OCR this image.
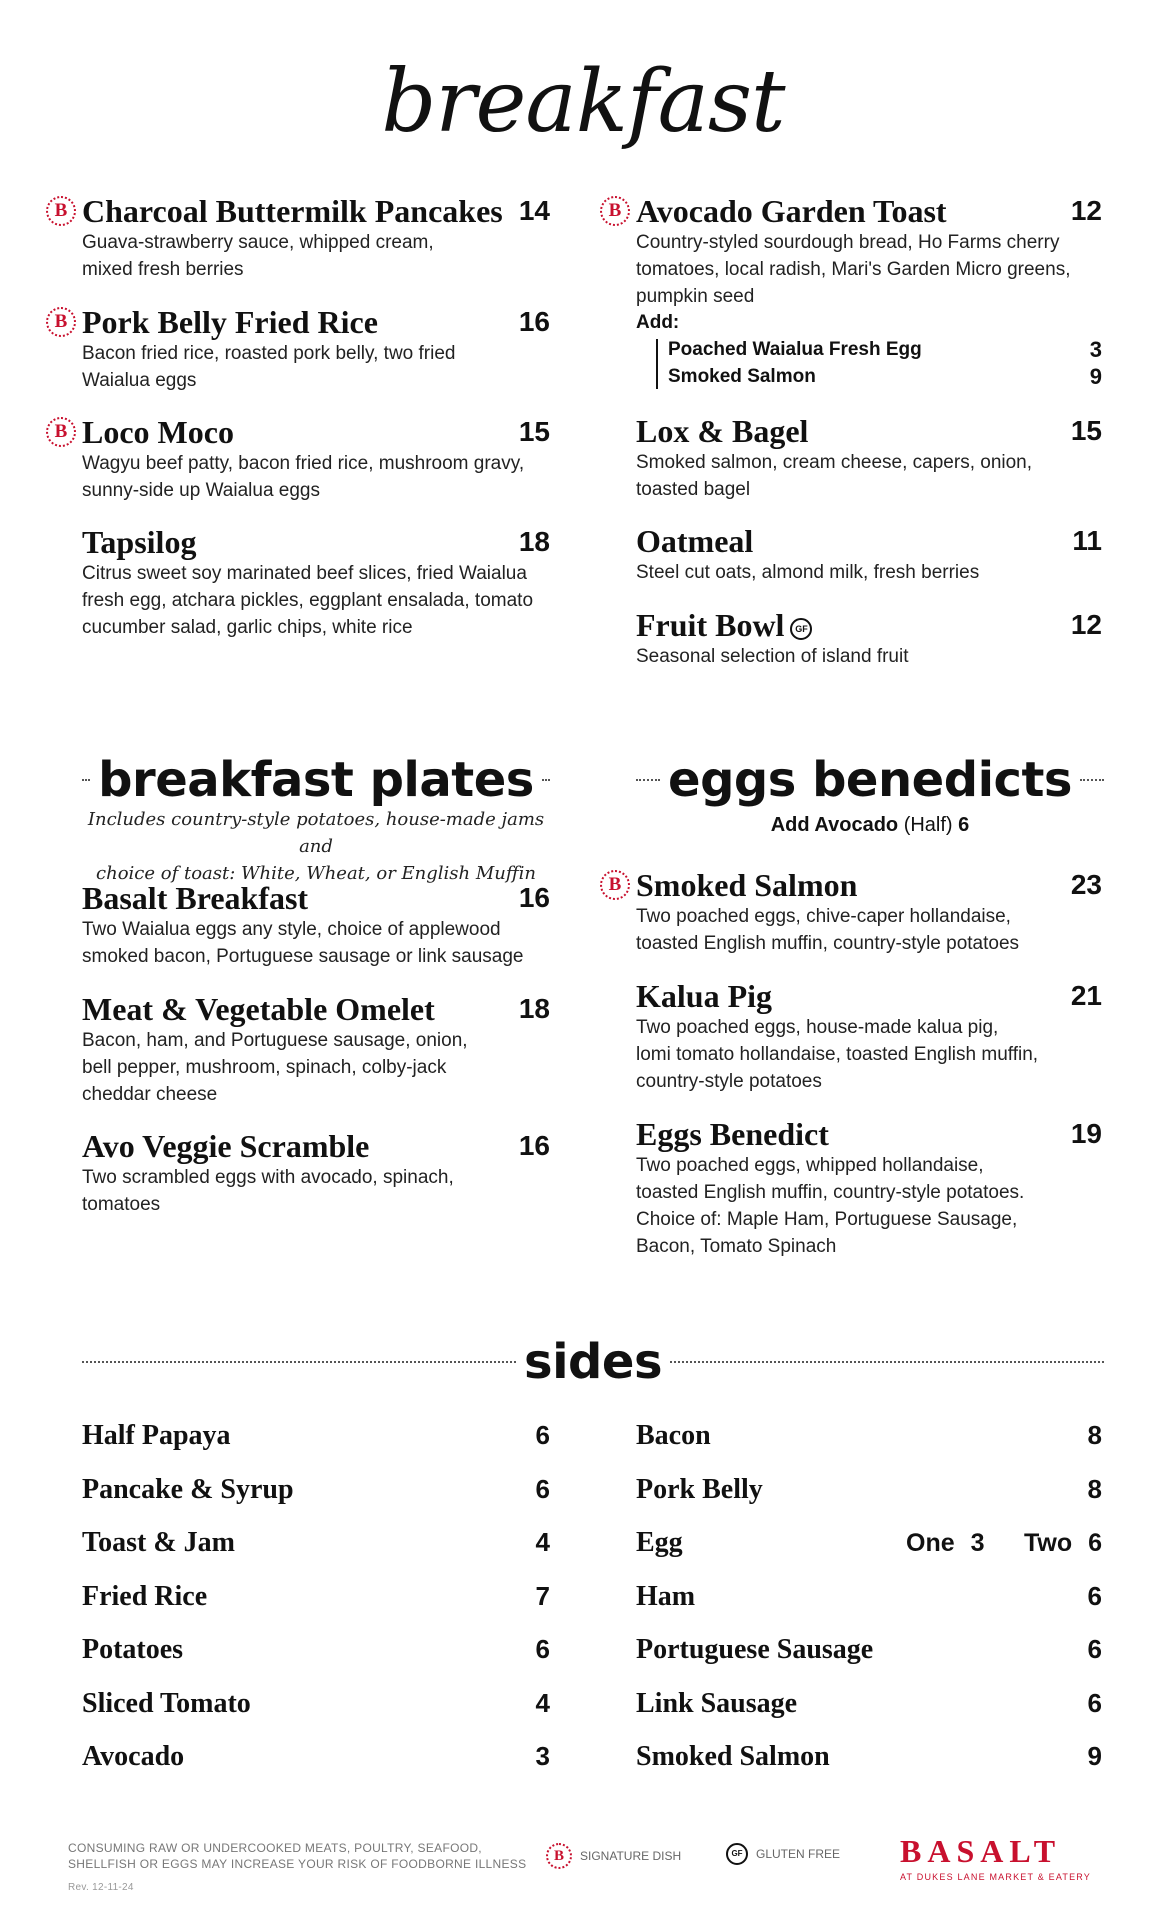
breakfast
breakfast plates
Includes country-style potatoes, house-made jams and
choice of toast: White, Wheat, or English Muffin
eggs benedicts
Add Avocado (Half) 6
sides
CONSUMING RAW OR UNDERCOOKED MEATS, POULTRY, SEAFOOD,
SHELLFISH OR EGGS MAY INCREASE YOUR RISK OF FOODBORNE ILLNESS
Rev. 12-11-24
B	SIGNATURE DISH	GF	GLUTEN FREE BASALT
AT DUKES LANE MARKET & EATERY
B Charcoal Buttermilk Pancakes 14
Guava-strawberry sauce, whipped cream,
mixed fresh berries
B Pork Belly Fried Rice	16
Bacon fried rice, roasted pork belly, two fried
Waialua eggs
B Loco Moco	15
Wagyu beef patty, bacon fried rice, mushroom gravy,
sunny-side up Waialua eggs
Tapsilog	18
Citrus sweet soy marinated beef slices, fried Waialua
fresh egg, atchara pickles, eggplant ensalada, tomato
cucumber salad, garlic chips, white rice
B Avocado Garden Toast	12
Country-styled sourdough bread, Ho Farms cherry
tomatoes, local radish, Mari's Garden Micro greens,
pumpkin seed
Add:
Poached Waialua Fresh Egg	3
Smoked Salmon	9
Lox & Bagel	15
Smoked salmon, cream cheese, capers, onion,
toasted bagel
Oatmeal	11
Steel cut oats, almond milk, fresh berries
Fruit Bowl GF	12
Seasonal selection of island fruit
Basalt Breakfast	16
Two Waialua eggs any style, choice of applewood
smoked bacon, Portuguese sausage or link sausage
Meat & Vegetable Omelet	18
Bacon, ham, and Portuguese sausage, onion,
bell pepper, mushroom, spinach, colby-jack
cheddar cheese
Avo Veggie Scramble	16
Two scrambled eggs with avocado, spinach,
tomatoes
B Smoked Salmon	23
Two poached eggs, chive-caper hollandaise,
toasted English muffin, country-style potatoes
Kalua Pig	21
Two poached eggs, house-made kalua pig,
lomi tomato hollandaise, toasted English muffin,
country-style potatoes
Eggs Benedict	19
Two poached eggs, whipped hollandaise,
toasted English muffin, country-style potatoes.
Choice of: Maple Ham, Portuguese Sausage,
Bacon, Tomato Spinach
Half Papaya	6
Pancake & Syrup	6
Toast & Jam	4
Fried Rice	7
Potatoes	6
Sliced Tomato	4
Avocado	3
Bacon	8
Pork Belly	8
Egg	One 3 Two 6
Ham	6
Portuguese Sausage	6
Link Sausage	6
Smoked Salmon	9
